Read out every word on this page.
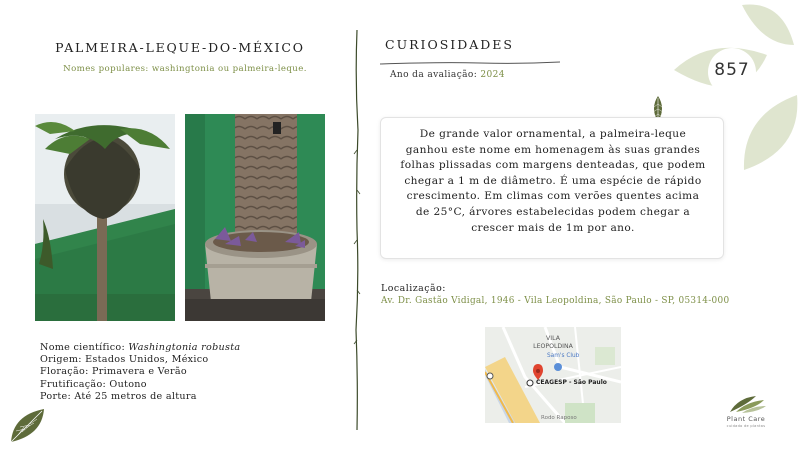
PALMEIRA-LEQUE-DO-MÉXICO
Nomes populares: washingtonia ou palmeira-leque.
Nome científico: Washingtonia robusta
Origem: Estados Unidos, México
Floração: Primavera e Verão
Frutificação: Outono
Porte: Até 25 metros de altura
CURIOSIDADES
Ano da avaliação: 2024
De grande valor ornamental, a palmeira-leque ganhou este nome em homenagem às suas grandes folhas plissadas com margens denteadas, que podem chegar a 1 m de diâmetro. É uma espécie de rápido crescimento. Em climas com verões quentes acima de 25°C, árvores estabelecidas podem chegar a crescer mais de 1m por ano.
Localização:
Av. Dr. Gastão Vidigal, 1946 - Vila Leopoldina, São Paulo - SP, 05314-000
VILA LEOPOLDINA
Sam's Club
CEAGESP - São Paulo
Rodo Raposo
857
Plant Care
cuidado de plantas
